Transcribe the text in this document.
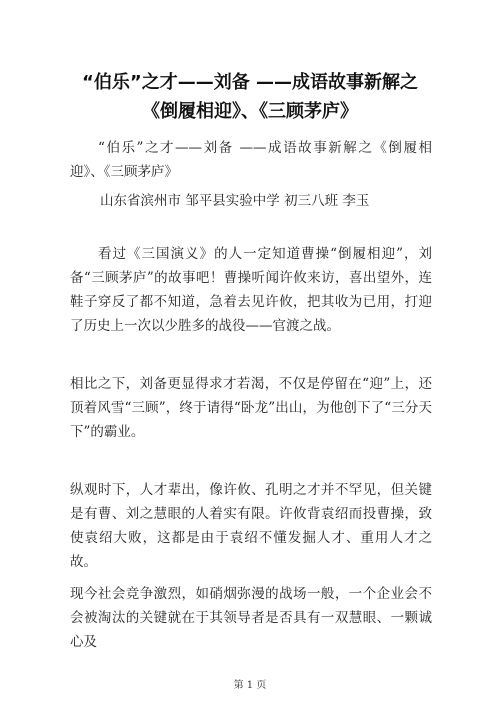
“伯乐”之才——刘备 ——成语故事新解之《倒履相迎》、《三顾茅庐》

“伯乐”之才——刘备 ——成语故事新解之《倒履相迎》、《三顾茅庐》

山东省滨州市 邹平县实验中学 初三八班 李玉

看过《三国演义》的人一定知道曹操“倒履相迎”，刘备“三顾茅庐”的故事吧！曹操听闻许攸来访，喜出望外，连鞋子穿反了都不知道，急着去见许攸，把其收为已用，打迎了历史上一次以少胜多的战役——官渡之战。

相比之下，刘备更显得求才若渴，不仅是停留在“迎”上，还顶着风雪“三顾”，终于请得“卧龙”出山，为他创下了“三分天下”的霸业。

纵观时下，人才辈出，像许攸、孔明之才并不罕见，但关键是有曹、刘之慧眼的人着实有限。许攸背袁绍而投曹操，致使袁绍大败，这都是由于袁绍不懂发掘人才、重用人才之故。

现今社会竞争激烈，如硝烟弥漫的战场一般，一个企业会不会被淘汰的关键就在于其领导者是否具有一双慧眼、一颗诚心及

第 1 页
